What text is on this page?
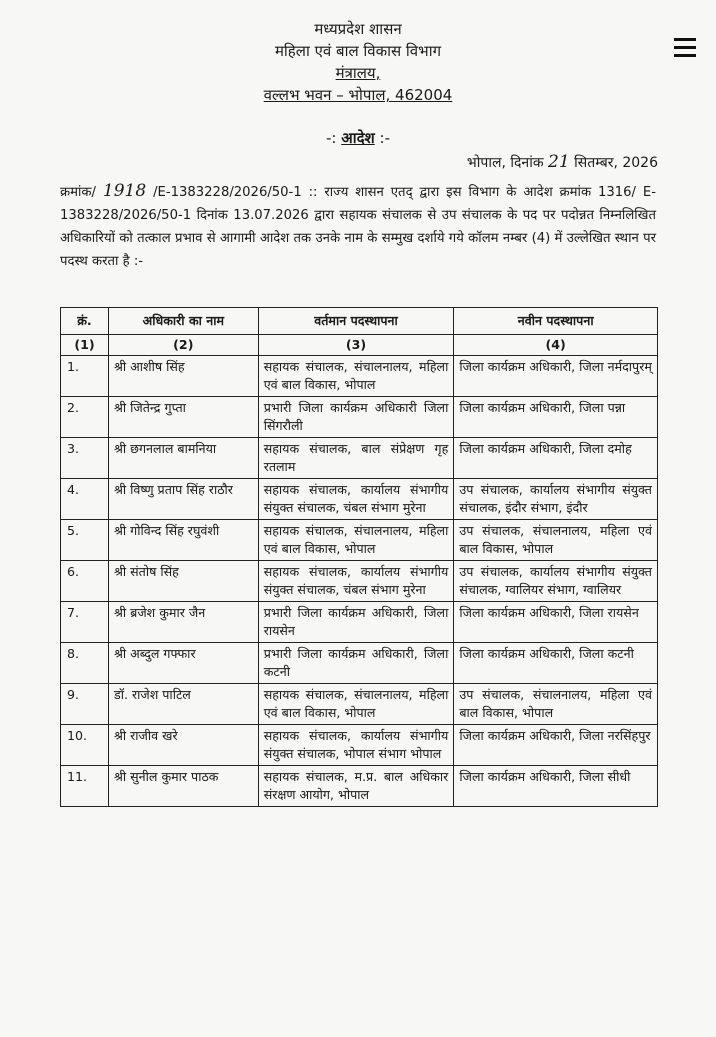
मध्यप्रदेश शासन
महिला एवं बाल विकास विभाग
मंत्रालय,
वल्लभ भवन – भोपाल, 462004
-: आदेश :-
भोपाल, दिनांक 21 सितम्बर, 2026
क्रमांक/ 1918 /E-1383228/2026/50-1 :: राज्य शासन एतद् द्वारा इस विभाग के आदेश क्रमांक 1316/ E-1383228/2026/50-1 दिनांक 13.07.2026 द्वारा सहायक संचालक से उप संचालक के पद पर पदोन्नत निम्नलिखित अधिकारियों को तत्काल प्रभाव से आगामी आदेश तक उनके नाम के सम्मुख दर्शाये गये कॉलम नम्बर (4) में उल्लेखित स्थान पर पदस्थ करता है :-
क्रं.	अधिकारी का नाम	वर्तमान पदस्थापना	नवीन पदस्थापना
(1)	(2)	(3)	(4)
1.	श्री आशीष सिंह	सहायक संचालक, संचालनालय, महिला एवं बाल विकास, भोपाल	जिला कार्यक्रम अधिकारी, जिला नर्मदापुरम्
2.	श्री जितेन्द्र गुप्ता	प्रभारी जिला कार्यक्रम अधिकारी जिला सिंगरौली	जिला कार्यक्रम अधिकारी, जिला पन्ना
3.	श्री छगनलाल बामनिया	सहायक संचालक, बाल संप्रेक्षण गृह रतलाम	जिला कार्यक्रम अधिकारी, जिला दमोह
4.	श्री विष्णु प्रताप सिंह राठौर	सहायक संचालक, कार्यालय संभागीय संयुक्त संचालक, चंबल संभाग मुरेना	उप संचालक, कार्यालय संभागीय संयुक्त संचालक, इंदौर संभाग, इंदौर
5.	श्री गोविन्द सिंह रघुवंशी	सहायक संचालक, संचालनालय, महिला एवं बाल विकास, भोपाल	उप संचालक, संचालनालय, महिला एवं बाल विकास, भोपाल
6.	श्री संतोष सिंह	सहायक संचालक, कार्यालय संभागीय संयुक्त संचालक, चंबल संभाग मुरेना	उप संचालक, कार्यालय संभागीय संयुक्त संचालक, ग्वालियर संभाग, ग्वालियर
7.	श्री ब्रजेश कुमार जैन	प्रभारी जिला कार्यक्रम अधिकारी, जिला रायसेन	जिला कार्यक्रम अधिकारी, जिला रायसेन
8.	श्री अब्दुल गफ्फार	प्रभारी जिला कार्यक्रम अधिकारी, जिला कटनी	जिला कार्यक्रम अधिकारी, जिला कटनी
9.	डॉ. राजेश पाटिल	सहायक संचालक, संचालनालय, महिला एवं बाल विकास, भोपाल	उप संचालक, संचालनालय, महिला एवं बाल विकास, भोपाल
10.	श्री राजीव खरे	सहायक संचालक, कार्यालय संभागीय संयुक्त संचालक, भोपाल संभाग भोपाल	जिला कार्यक्रम अधिकारी, जिला नरसिंहपुर
11.	श्री सुनील कुमार पाठक	सहायक संचालक, म.प्र. बाल अधिकार संरक्षण आयोग, भोपाल	जिला कार्यक्रम अधिकारी, जिला सीधी
